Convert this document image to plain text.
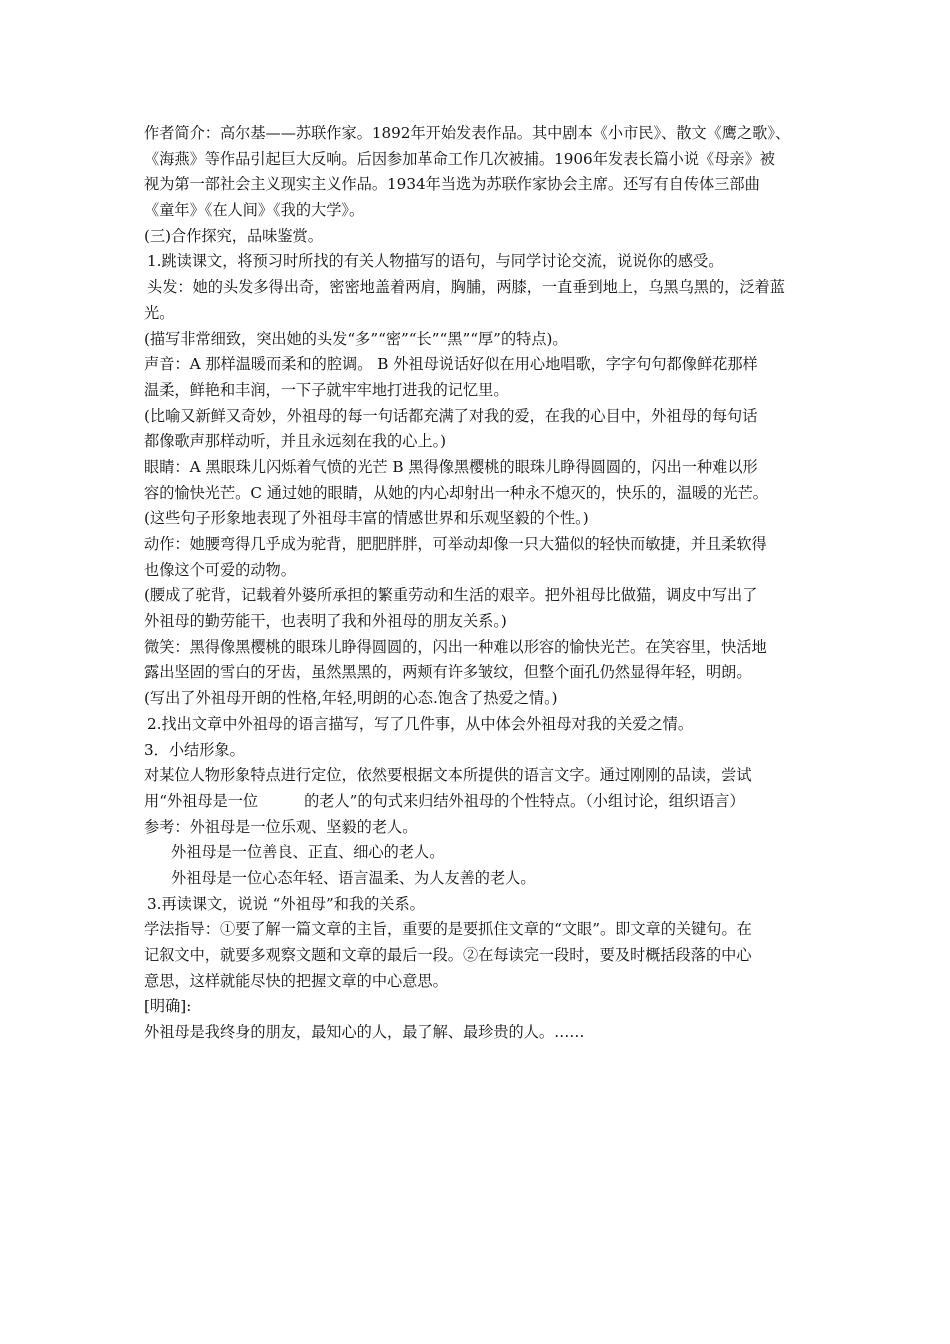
作者简介：高尔基——苏联作家。1892年开始发表作品。其中剧本《小市民》、散文《鹰之歌》、
《海燕》等作品引起巨大反响。后因参加革命工作几次被捕。1906年发表长篇小说《母亲》被
视为第一部社会主义现实主义作品。1934年当选为苏联作家协会主席。还写有自传体三部曲
《童年》《在人间》《我的大学》。
(三)合作探究，品味鉴赏。
1.跳读课文，将预习时所找的有关人物描写的语句，与同学讨论交流，说说你的感受。
头发：她的头发多得出奇，密密地盖着两肩，胸脯，两膝，一直垂到地上，乌黑乌黑的，泛着蓝
光。
(描写非常细致，突出她的头发“多”“密”“长”“黑”“厚”的特点)。
声音：A 那样温暖而柔和的腔调。 B 外祖母说话好似在用心地唱歌，字字句句都像鲜花那样
温柔，鲜艳和丰润，一下子就牢牢地打进我的记忆里。
(比喻又新鲜又奇妙，外祖母的每一句话都充满了对我的爱，在我的心目中，外祖母的每句话
都像歌声那样动听，并且永远刻在我的心上。)
眼睛：A 黑眼珠儿闪烁着气愤的光芒 B 黑得像黑樱桃的眼珠儿睁得圆圆的，闪出一种难以形
容的愉快光芒。C 通过她的眼睛，从她的内心却射出一种永不熄灭的，快乐的，温暖的光芒。
(这些句子形象地表现了外祖母丰富的情感世界和乐观坚毅的个性。)
动作：她腰弯得几乎成为驼背，肥肥胖胖，可举动却像一只大猫似的轻快而敏捷，并且柔软得
也像这个可爱的动物。
(腰成了驼背，记载着外婆所承担的繁重劳动和生活的艰辛。把外祖母比做猫，调皮中写出了
外祖母的勤劳能干，也表明了我和外祖母的朋友关系。)
微笑：黑得像黑樱桃的眼珠儿睁得圆圆的，闪出一种难以形容的愉快光芒。在笑容里，快活地
露出坚固的雪白的牙齿，虽然黑黑的，两颊有许多皱纹，但整个面孔仍然显得年轻，明朗。
(写出了外祖母开朗的性格,年轻,明朗的心态.饱含了热爱之情。)
2.找出文章中外祖母的语言描写，写了几件事，从中体会外祖母对我的关爱之情。
3．小结形象。
对某位人物形象特点进行定位，依然要根据文本所提供的语言文字。通过刚刚的品读，尝试
用“外祖母是一位	的老人”的句式来归结外祖母的个性特点。（小组讨论，组织语言）
参考：外祖母是一位乐观、坚毅的老人。
外祖母是一位善良、正直、细心的老人。
外祖母是一位心态年轻、语言温柔、为人友善的老人。
3.再读课文，说说 “外祖母”和我的关系。
学法指导：①要了解一篇文章的主旨，重要的是要抓住文章的“文眼”。即文章的关键句。在
记叙文中，就要多观察文题和文章的最后一段。②在每读完一段时，要及时概括段落的中心
意思，这样就能尽快的把握文章的中心意思。
[明确]:
外祖母是我终身的朋友，最知心的人，最了解、最珍贵的人。……
